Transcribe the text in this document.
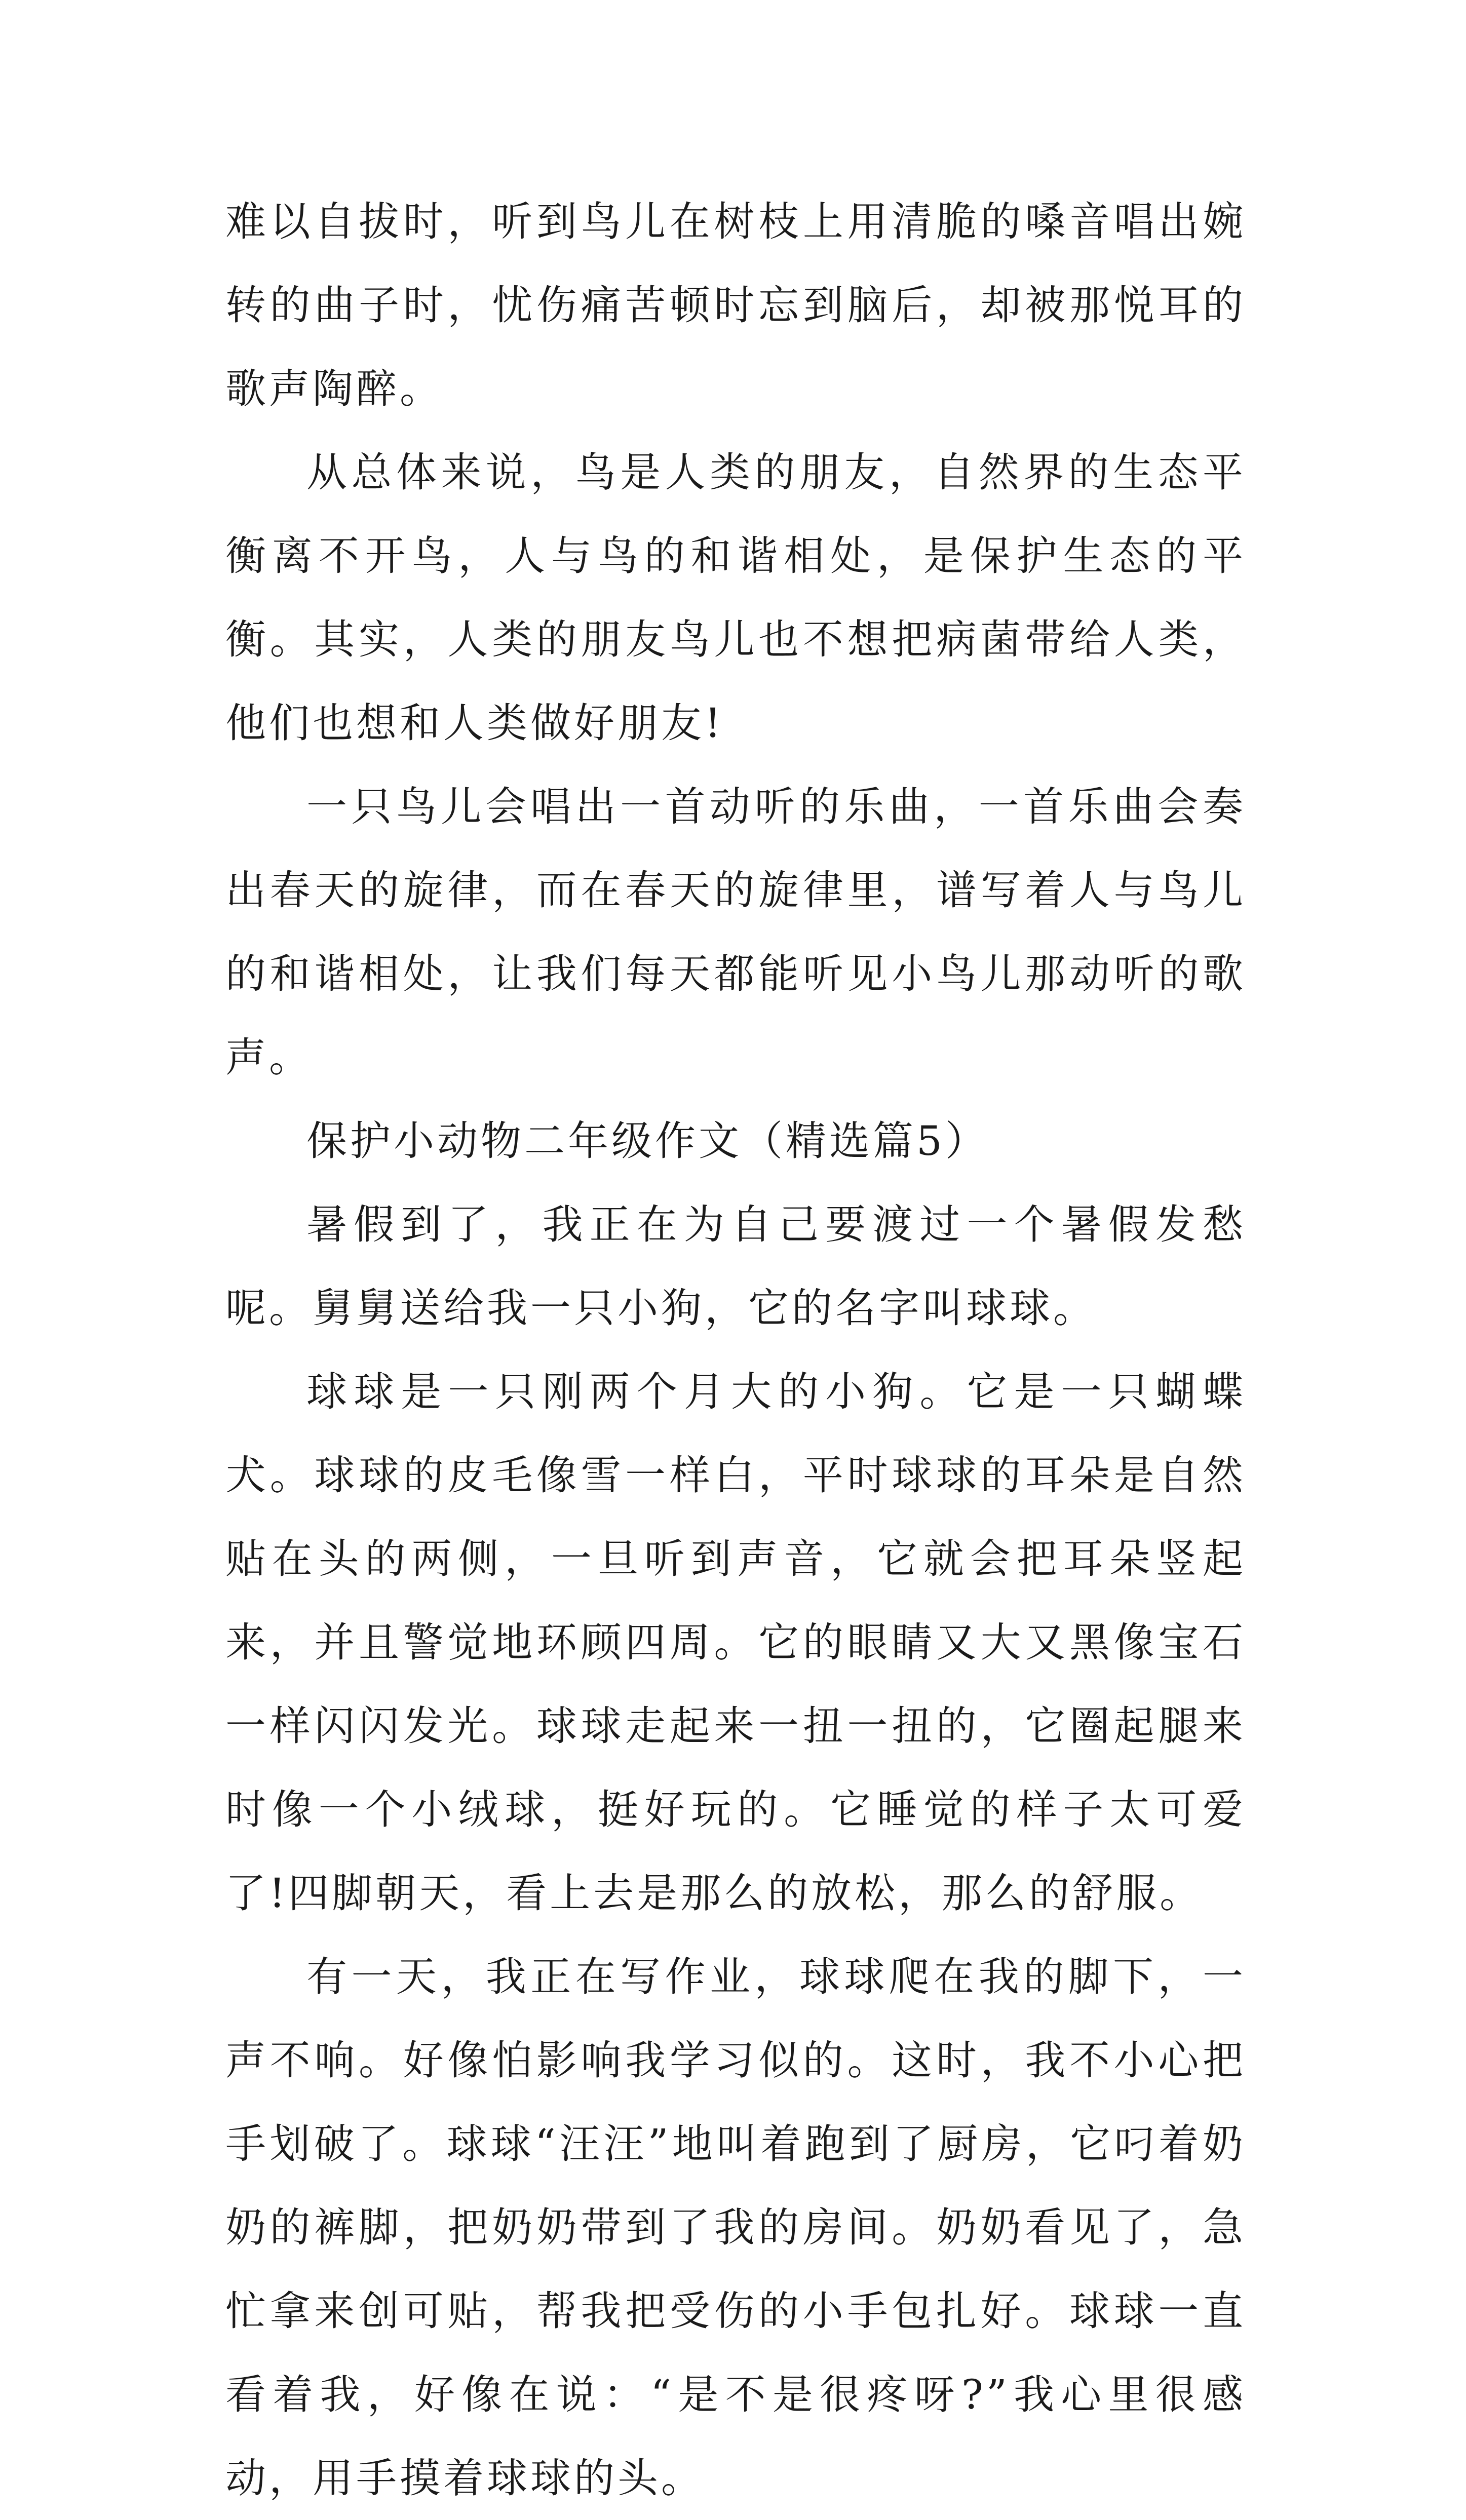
难以自拔时，听到鸟儿在树枝上用清脆的嗓音唱出婉转的曲子时，忧伤痛苦顿时忘到脑后，却被那悦耳的歌声陶醉。

从总体来说，鸟是人类的朋友，自然界的生态平衡离不开鸟，人与鸟的和谐相处，是保护生态的平衡。其实，人类的朋友鸟儿也不想把病菌带给人类，他们也想和人类做好朋友!

一只鸟儿会唱出一首动听的乐曲，一首乐曲会奏出春天的旋律，而在春天的旋律里，谱写着人与鸟儿的和谐相处，让我们每天都能听见小鸟儿那动听的歌声。

保护小动物二年级作文（精选篇5）

暑假到了，我正在为自己要渡过一个暑假发愁呢。舅舅送给我一只小狗，它的名字叫球球。

球球是一只刚两个月大的小狗。它是一只蝴蝶犬。球球的皮毛像雪一样白，平时球球的耳朵是自然贴在头的两侧，一旦听到声音，它就会把耳朵竖起来，并且警觉地环顾四周。它的眼睛又大又黑像宝石一样闪闪发光。球球走起来一扭一扭的，它圈起腿来时像一个小绒球，挺好玩的。它睡觉的样子太可爱了!四脚朝天，看上去是那么的放松，那么的舒服。

有一天，我正在写作业，球球爬在我的脚下，一声不响。好像怕影响我学习似的。这时，我不小心把手划破了。球球“汪汪”地叫着跑到了厨房，它叼着奶奶的裤脚，把奶奶带到了我的房间。奶奶看见了，急忙拿来创可贴，帮我把受伤的小手包扎好。球球一直看着我，好像在说：“是不是很疼呀?”我心里很感动，用手摸着球球的头。
